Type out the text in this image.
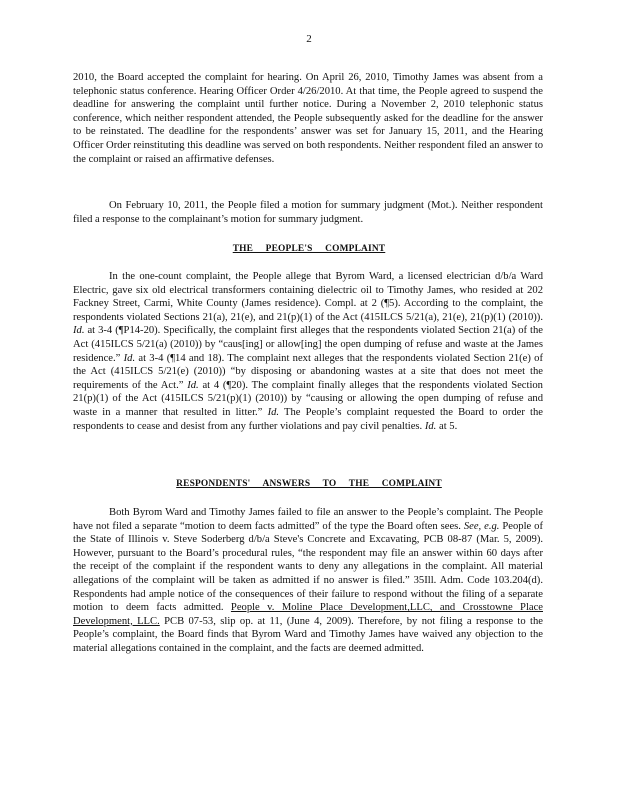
2
2010, the Board accepted the complaint for hearing. On April 26, 2010, Timothy James was absent from a telephonic status conference. Hearing Officer Order 4/26/2010. At that time, the People agreed to suspend the deadline for answering the complaint until further notice. During a November 2, 2010 telephonic status conference, which neither respondent attended, the People subsequently asked for the deadline for the answer to be reinstated. The deadline for the respondents’ answer was set for January 15, 2011, and the Hearing Officer Order reinstituting this deadline was served on both respondents. Neither respondent filed an answer to the complaint or raised an affirmative defenses.
On February 10, 2011, the People filed a motion for summary judgment (Mot.). Neither respondent filed a response to the complainant’s motion for summary judgment.
THE PEOPLE'S COMPLAINT
In the one-count complaint, the People allege that Byrom Ward, a licensed electrician d/b/a Ward Electric, gave six old electrical transformers containing dielectric oil to Timothy James, who resided at 202 Fackney Street, Carmi, White County (James residence). Compl. at 2 (¶5). According to the complaint, the respondents violated Sections 21(a), 21(e), and 21(p)(1) of the Act (415ILCS 5/21(a), 21(e), 21(p)(1) (2010)). Id. at 3-4 (¶P14-20). Specifically, the complaint first alleges that the respondents violated Section 21(a) of the Act (415ILCS 5/21(a) (2010)) by “caus[ing] or allow[ing] the open dumping of refuse and waste at the James residence.” Id. at 3-4 (¶14 and 18). The complaint next alleges that the respondents violated Section 21(e) of the Act (415ILCS 5/21(e) (2010)) “by disposing or abandoning wastes at a site that does not meet the requirements of the Act.” Id. at 4 (¶20). The complaint finally alleges that the respondents violated Section 21(p)(1) of the Act (415ILCS 5/21(p)(1) (2010)) by “causing or allowing the open dumping of refuse and waste in a manner that resulted in litter.” Id. The People’s complaint requested the Board to order the respondents to cease and desist from any further violations and pay civil penalties. Id. at 5.
RESPONDENTS' ANSWERS TO THE COMPLAINT
Both Byrom Ward and Timothy James failed to file an answer to the People’s complaint. The People have not filed a separate “motion to deem facts admitted” of the type the Board often sees. See, e.g. People of the State of Illinois v. Steve Soderberg d/b/a Steve's Concrete and Excavating, PCB 08-87 (Mar. 5, 2009). However, pursuant to the Board’s procedural rules, “the respondent may file an answer within 60 days after the receipt of the complaint if the respondent wants to deny any allegations in the complaint. All material allegations of the complaint will be taken as admitted if no answer is filed.” 35Ill. Adm. Code 103.204(d). Respondents had ample notice of the consequences of their failure to respond without the filing of a separate motion to deem facts admitted. People v. Moline Place Development,LLC, and Crosstowne Place Development, LLC. PCB 07-53, slip op. at 11, (June 4, 2009). Therefore, by not filing a response to the People’s complaint, the Board finds that Byrom Ward and Timothy James have waived any objection to the material allegations contained in the complaint, and the facts are deemed admitted.
